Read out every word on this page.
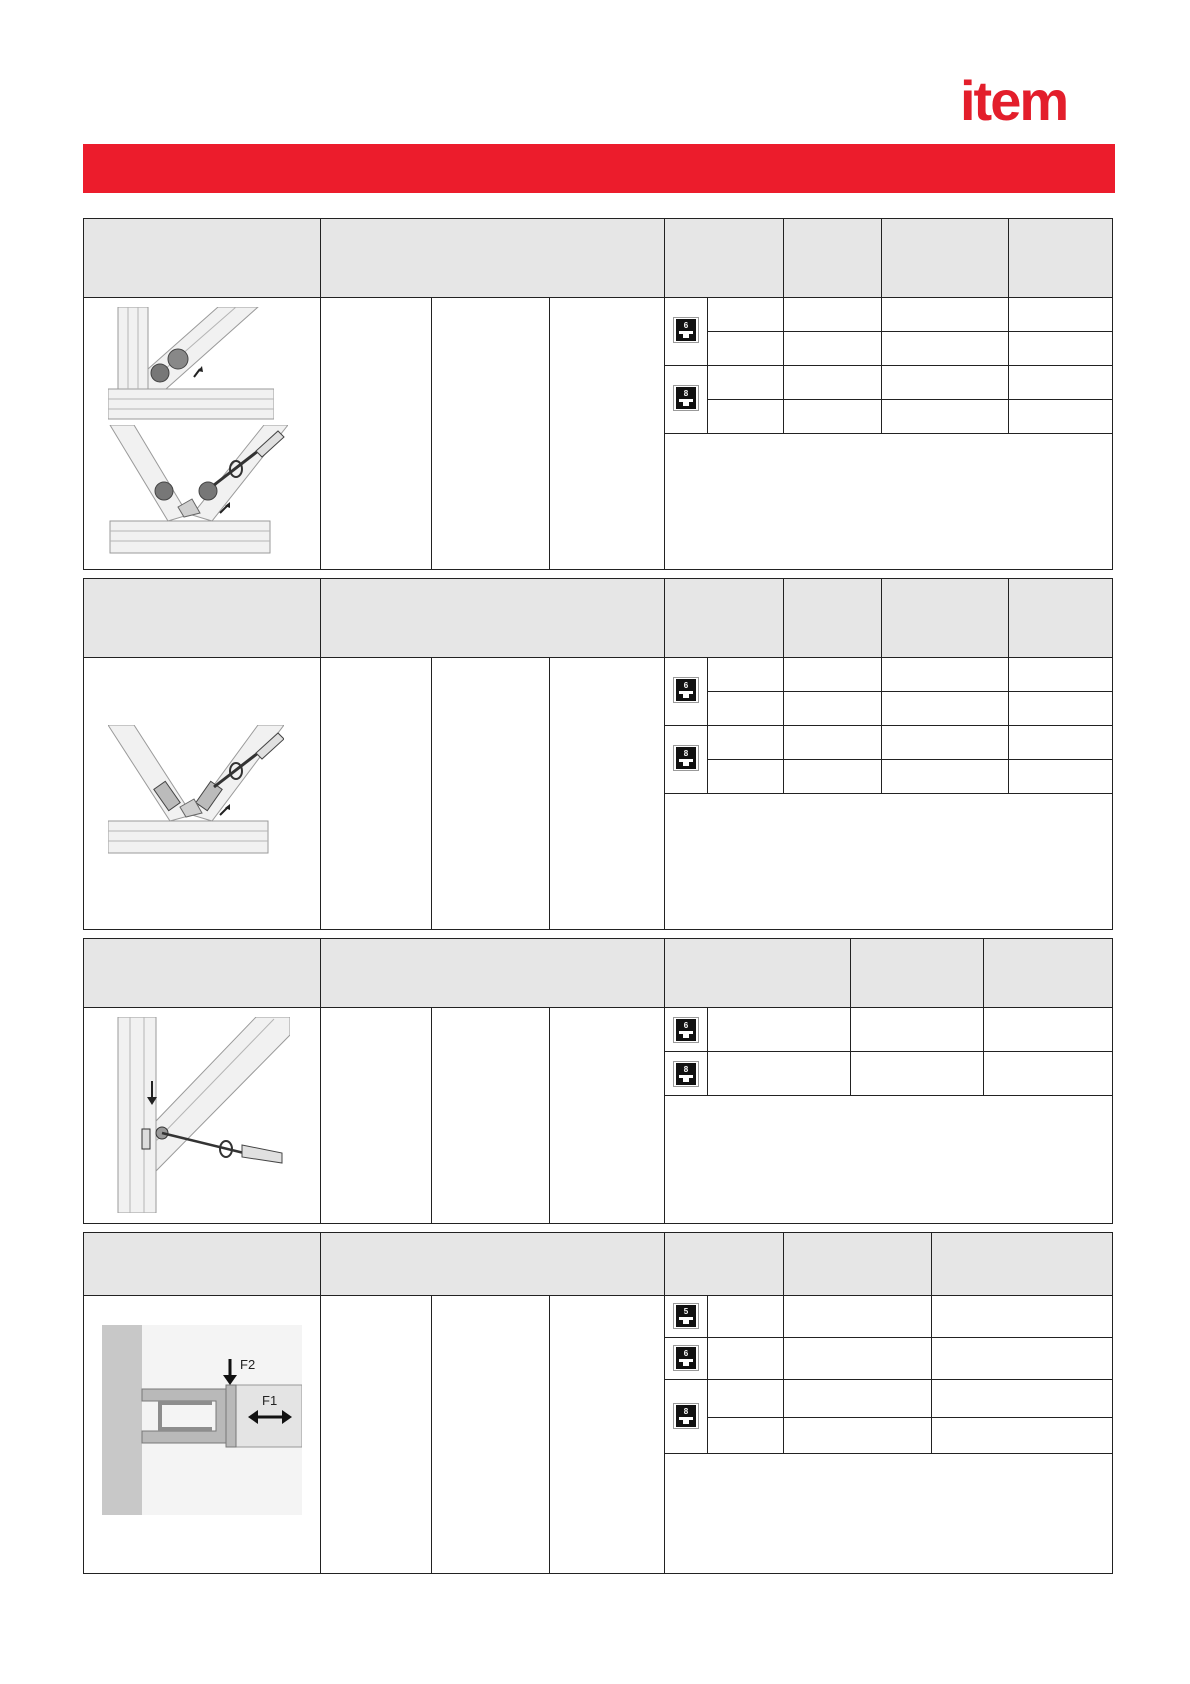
item
6
8
6
8
6
8
5
6
8
F2
F1
